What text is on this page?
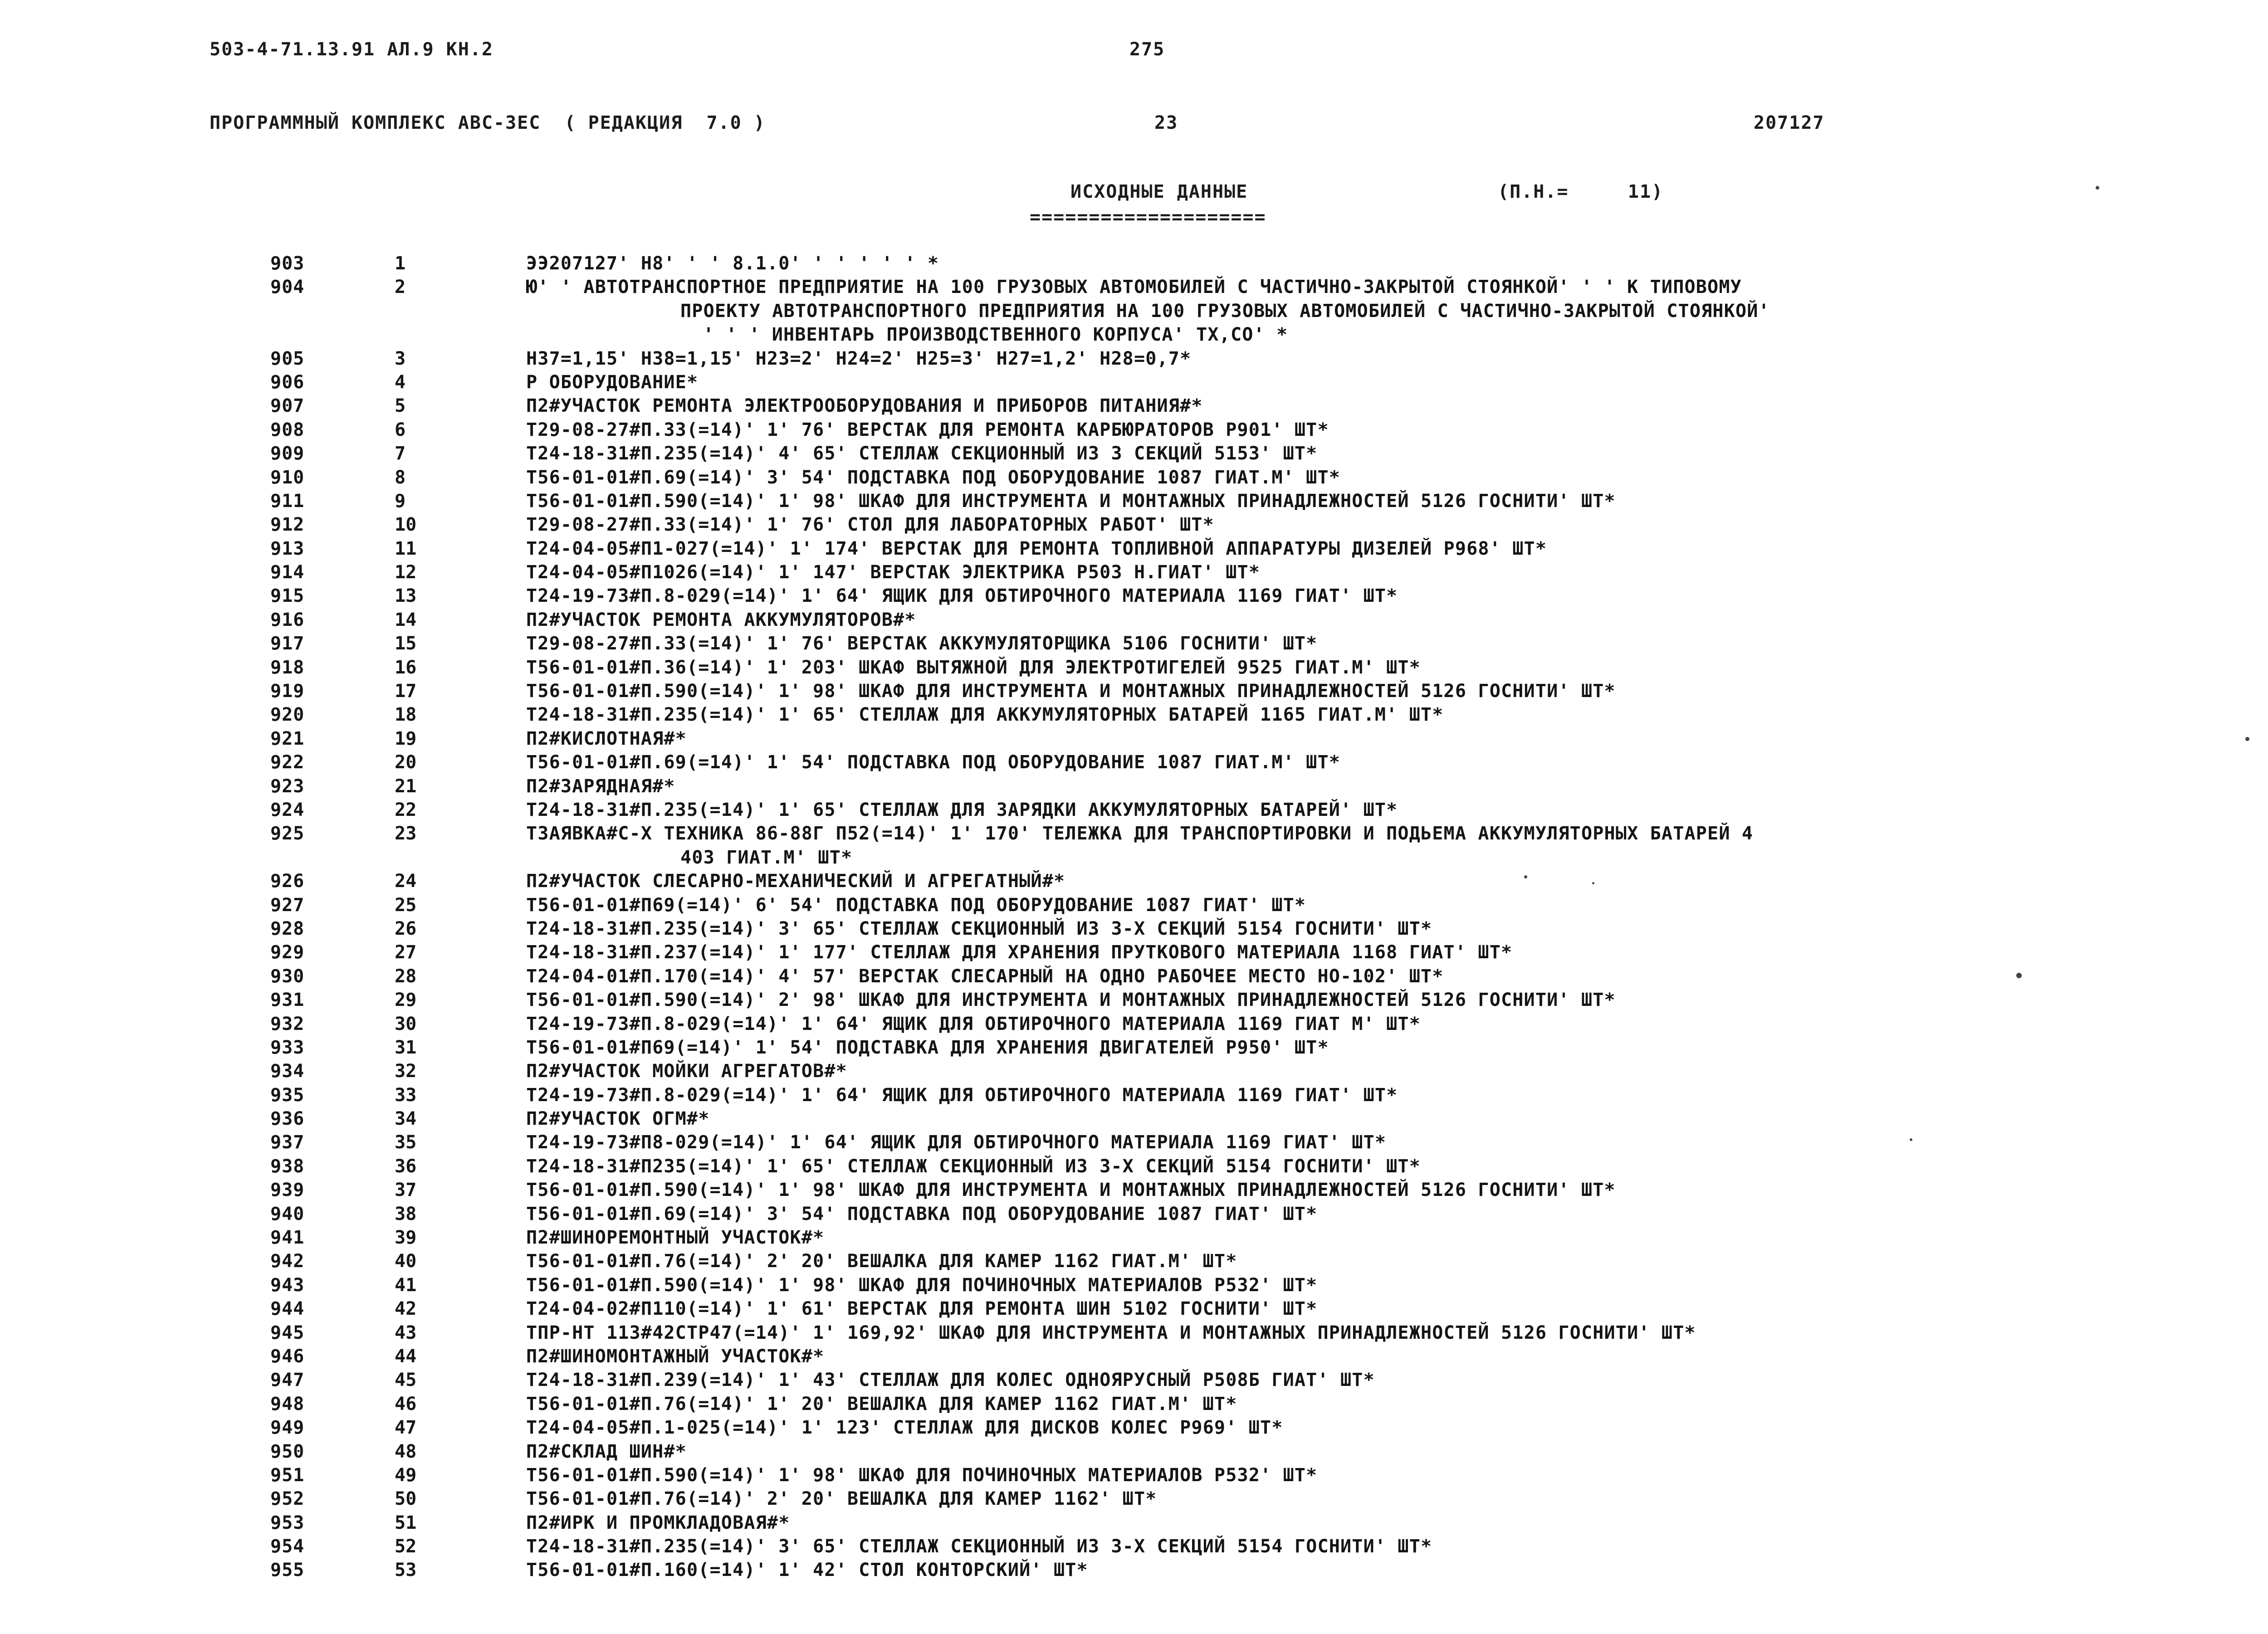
503-4-71.13.91 АЛ.9 КН.2	275
ПРОГРАММНЫЙ КОМПЛЕКС АВС-3ЕС  ( РЕДАКЦИЯ  7.0 )	23	207127
ИСХОДНЫЕ ДАННЫЕ	(П.Н.=     11)
====================
903	1	ЭЭ207127' Н8' ' ' 8.1.0' ' ' ' ' ' *
904	2	Ю' ' АВТОТРАНСПОРТНОЕ ПРЕДПРИЯТИЕ НА 100 ГРУЗОВЫХ АВТОМОБИЛЕЙ С ЧАСТИЧНО-ЗАКРЫТОЙ СТОЯНКОЙ' ' ' К ТИПОВОМУ
ПРОЕКТУ АВТОТРАНСПОРТНОГО ПРЕДПРИЯТИЯ НА 100 ГРУЗОВЫХ АВТОМОБИЛЕЙ С ЧАСТИЧНО-ЗАКРЫТОЙ СТОЯНКОЙ'
' ' ' ИНВЕНТАРЬ ПРОИЗВОДСТВЕННОГО КОРПУСА' ТХ,СО' *
905	3	Н37=1,15' Н38=1,15' Н23=2' Н24=2' Н25=3' Н27=1,2' Н28=0,7*
906	4	Р ОБОРУДОВАНИЕ*
907	5	П2#УЧАСТОК РЕМОНТА ЭЛЕКТРООБОРУДОВАНИЯ И ПРИБОРОВ ПИТАНИЯ#*
908	6	Т29-08-27#П.33(=14)' 1' 76' ВЕРСТАК ДЛЯ РЕМОНТА КАРБЮРАТОРОВ Р901' ШТ*
909	7	Т24-18-31#П.235(=14)' 4' 65' СТЕЛЛАЖ СЕКЦИОННЫЙ ИЗ 3 СЕКЦИЙ 5153' ШТ*
910	8	Т56-01-01#П.69(=14)' 3' 54' ПОДСТАВКА ПОД ОБОРУДОВАНИЕ 1087 ГИАТ.М' ШТ*
911	9	Т56-01-01#П.590(=14)' 1' 98' ШКАФ ДЛЯ ИНСТРУМЕНТА И МОНТАЖНЫХ ПРИНАДЛЕЖНОСТЕЙ 5126 ГОСНИТИ' ШТ*
912	10	Т29-08-27#П.33(=14)' 1' 76' СТОЛ ДЛЯ ЛАБОРАТОРНЫХ РАБОТ' ШТ*
913	11	Т24-04-05#П1-027(=14)' 1' 174' ВЕРСТАК ДЛЯ РЕМОНТА ТОПЛИВНОЙ АППАРАТУРЫ ДИЗЕЛЕЙ Р968' ШТ*
914	12	Т24-04-05#П1026(=14)' 1' 147' ВЕРСТАК ЭЛЕКТРИКА Р503 Н.ГИАТ' ШТ*
915	13	Т24-19-73#П.8-029(=14)' 1' 64' ЯЩИК ДЛЯ ОБТИРОЧНОГО МАТЕРИАЛА 1169 ГИАТ' ШТ*
916	14	П2#УЧАСТОК РЕМОНТА АККУМУЛЯТОРОВ#*
917	15	Т29-08-27#П.33(=14)' 1' 76' ВЕРСТАК АККУМУЛЯТОРЩИКА 5106 ГОСНИТИ' ШТ*
918	16	Т56-01-01#П.36(=14)' 1' 203' ШКАФ ВЫТЯЖНОЙ ДЛЯ ЭЛЕКТРОТИГЕЛЕЙ 9525 ГИАТ.М' ШТ*
919	17	Т56-01-01#П.590(=14)' 1' 98' ШКАФ ДЛЯ ИНСТРУМЕНТА И МОНТАЖНЫХ ПРИНАДЛЕЖНОСТЕЙ 5126 ГОСНИТИ' ШТ*
920	18	Т24-18-31#П.235(=14)' 1' 65' СТЕЛЛАЖ ДЛЯ АККУМУЛЯТОРНЫХ БАТАРЕЙ 1165 ГИАТ.М' ШТ*
921	19	П2#КИСЛОТНАЯ#*
922	20	Т56-01-01#П.69(=14)' 1' 54' ПОДСТАВКА ПОД ОБОРУДОВАНИЕ 1087 ГИАТ.М' ШТ*
923	21	П2#ЗАРЯДНАЯ#*
924	22	Т24-18-31#П.235(=14)' 1' 65' СТЕЛЛАЖ ДЛЯ ЗАРЯДКИ АККУМУЛЯТОРНЫХ БАТАРЕЙ' ШТ*
925	23	ТЗАЯВКА#С-Х ТЕХНИКА 86-88Г П52(=14)' 1' 170' ТЕЛЕЖКА ДЛЯ ТРАНСПОРТИРОВКИ И ПОДЬЕМА АККУМУЛЯТОРНЫХ БАТАРЕЙ 4
403 ГИАТ.М' ШТ*
926	24	П2#УЧАСТОК СЛЕСАРНО-МЕХАНИЧЕСКИЙ И АГРЕГАТНЫЙ#*
927	25	Т56-01-01#П69(=14)' 6' 54' ПОДСТАВКА ПОД ОБОРУДОВАНИЕ 1087 ГИАТ' ШТ*
928	26	Т24-18-31#П.235(=14)' 3' 65' СТЕЛЛАЖ СЕКЦИОННЫЙ ИЗ 3-Х СЕКЦИЙ 5154 ГОСНИТИ' ШТ*
929	27	Т24-18-31#П.237(=14)' 1' 177' СТЕЛЛАЖ ДЛЯ ХРАНЕНИЯ ПРУТКОВОГО МАТЕРИАЛА 1168 ГИАТ' ШТ*
930	28	Т24-04-01#П.170(=14)' 4' 57' ВЕРСТАК СЛЕСАРНЫЙ НА ОДНО РАБОЧЕЕ МЕСТО НО-102' ШТ*
931	29	Т56-01-01#П.590(=14)' 2' 98' ШКАФ ДЛЯ ИНСТРУМЕНТА И МОНТАЖНЫХ ПРИНАДЛЕЖНОСТЕЙ 5126 ГОСНИТИ' ШТ*
932	30	Т24-19-73#П.8-029(=14)' 1' 64' ЯЩИК ДЛЯ ОБТИРОЧНОГО МАТЕРИАЛА 1169 ГИАТ М' ШТ*
933	31	Т56-01-01#П69(=14)' 1' 54' ПОДСТАВКА ДЛЯ ХРАНЕНИЯ ДВИГАТЕЛЕЙ Р950' ШТ*
934	32	П2#УЧАСТОК МОЙКИ АГРЕГАТОВ#*
935	33	Т24-19-73#П.8-029(=14)' 1' 64' ЯЩИК ДЛЯ ОБТИРОЧНОГО МАТЕРИАЛА 1169 ГИАТ' ШТ*
936	34	П2#УЧАСТОК ОГМ#*
937	35	Т24-19-73#П8-029(=14)' 1' 64' ЯЩИК ДЛЯ ОБТИРОЧНОГО МАТЕРИАЛА 1169 ГИАТ' ШТ*
938	36	Т24-18-31#П235(=14)' 1' 65' СТЕЛЛАЖ СЕКЦИОННЫЙ ИЗ 3-Х СЕКЦИЙ 5154 ГОСНИТИ' ШТ*
939	37	Т56-01-01#П.590(=14)' 1' 98' ШКАФ ДЛЯ ИНСТРУМЕНТА И МОНТАЖНЫХ ПРИНАДЛЕЖНОСТЕЙ 5126 ГОСНИТИ' ШТ*
940	38	Т56-01-01#П.69(=14)' 3' 54' ПОДСТАВКА ПОД ОБОРУДОВАНИЕ 1087 ГИАТ' ШТ*
941	39	П2#ШИНОРЕМОНТНЫЙ УЧАСТОК#*
942	40	Т56-01-01#П.76(=14)' 2' 20' ВЕШАЛКА ДЛЯ КАМЕР 1162 ГИАТ.М' ШТ*
943	41	Т56-01-01#П.590(=14)' 1' 98' ШКАФ ДЛЯ ПОЧИНОЧНЫХ МАТЕРИАЛОВ Р532' ШТ*
944	42	Т24-04-02#П110(=14)' 1' 61' ВЕРСТАК ДЛЯ РЕМОНТА ШИН 5102 ГОСНИТИ' ШТ*
945	43	ТПР-НТ 113#42СТР47(=14)' 1' 169,92' ШКАФ ДЛЯ ИНСТРУМЕНТА И МОНТАЖНЫХ ПРИНАДЛЕЖНОСТЕЙ 5126 ГОСНИТИ' ШТ*
946	44	П2#ШИНОМОНТАЖНЫЙ УЧАСТОК#*
947	45	Т24-18-31#П.239(=14)' 1' 43' СТЕЛЛАЖ ДЛЯ КОЛЕС ОДНОЯРУСНЫЙ Р508Б ГИАТ' ШТ*
948	46	Т56-01-01#П.76(=14)' 1' 20' ВЕШАЛКА ДЛЯ КАМЕР 1162 ГИАТ.М' ШТ*
949	47	Т24-04-05#П.1-025(=14)' 1' 123' СТЕЛЛАЖ ДЛЯ ДИСКОВ КОЛЕС Р969' ШТ*
950	48	П2#СКЛАД ШИН#*
951	49	Т56-01-01#П.590(=14)' 1' 98' ШКАФ ДЛЯ ПОЧИНОЧНЫХ МАТЕРИАЛОВ Р532' ШТ*
952	50	Т56-01-01#П.76(=14)' 2' 20' ВЕШАЛКА ДЛЯ КАМЕР 1162' ШТ*
953	51	П2#ИРК И ПРОМКЛАДОВАЯ#*
954	52	Т24-18-31#П.235(=14)' 3' 65' СТЕЛЛАЖ СЕКЦИОННЫЙ ИЗ 3-Х СЕКЦИЙ 5154 ГОСНИТИ' ШТ*
955	53	Т56-01-01#П.160(=14)' 1' 42' СТОЛ КОНТОРСКИЙ' ШТ*
